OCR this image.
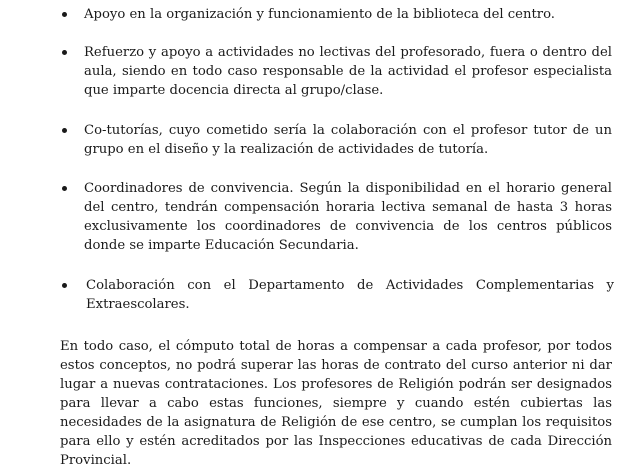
Apoyo en la organización y funcionamiento de la biblioteca del centro.
Refuerzo y apoyo a actividades no lectivas del profesorado, fuera o dentro del aula, siendo en todo caso responsable de la actividad el profesor especialista que imparte docencia directa al grupo/clase.
Co-tutorías, cuyo cometido sería la colaboración con el profesor tutor de un grupo en el diseño y la realización de actividades de tutoría.
Coordinadores de convivencia. Según la disponibilidad en el horario general del centro, tendrán compensación horaria lectiva semanal de hasta 3 horas exclusivamente los coordinadores de convivencia de los centros públicos donde se imparte Educación Secundaria.
Colaboración con el Departamento de Actividades Complementarias y Extraescolares.

En todo caso, el cómputo total de horas a compensar a cada profesor, por todos estos conceptos, no podrá superar las horas de contrato del curso anterior ni dar lugar a nuevas contrataciones. Los profesores de Religión podrán ser designados para llevar a cabo estas funciones, siempre y cuando estén cubiertas las necesidades de la asignatura de Religión de ese centro, se cumplan los requisitos para ello y estén acreditados por las Inspecciones educativas de cada Dirección Provincial.
